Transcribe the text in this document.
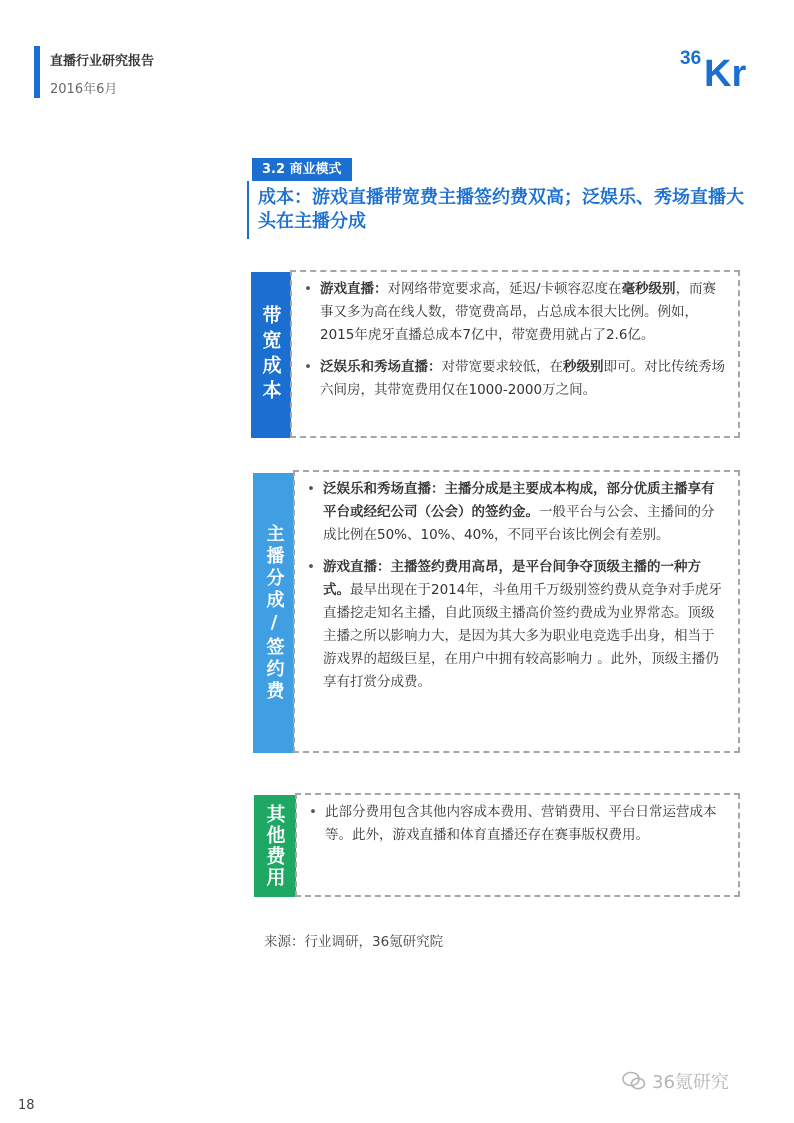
直播行业研究报告
2016年6月
36 Kr
3.2 商业模式
成本：游戏直播带宽费主播签约费双高；泛娱乐、秀场直播大头在主播分成
带宽成本
• 游戏直播：对网络带宽要求高，延迟/卡顿容忍度在毫秒级别，而赛事又多为高在线人数，带宽费高昂，占总成本很大比例。例如，2015年虎牙直播总成本7亿中，带宽费用就占了2.6亿。
• 泛娱乐和秀场直播：对带宽要求较低，在秒级别即可。对比传统秀场六间房，其带宽费用仅在1000-2000万之间。
主播分成/签约费
• 泛娱乐和秀场直播：主播分成是主要成本构成，部分优质主播享有平台或经纪公司（公会）的签约金。一般平台与公会、主播间的分成比例在50%、10%、40%，不同平台该比例会有差别。
• 游戏直播：主播签约费用高昂，是平台间争夺顶级主播的一种方式。最早出现在于2014年，斗鱼用千万级别签约费从竞争对手虎牙直播挖走知名主播，自此顶级主播高价签约费成为业界常态。顶级主播之所以影响力大，是因为其大多为职业电竞选手出身，相当于游戏界的超级巨星，在用户中拥有较高影响力 。此外，顶级主播仍享有打赏分成费。
其他费用	• 此部分费用包含其他内容成本费用、营销费用、平台日常运营成本等。此外，游戏直播和体育直播还存在赛事版权费用。
来源：行业调研，36氪研究院
18
36氪研究
